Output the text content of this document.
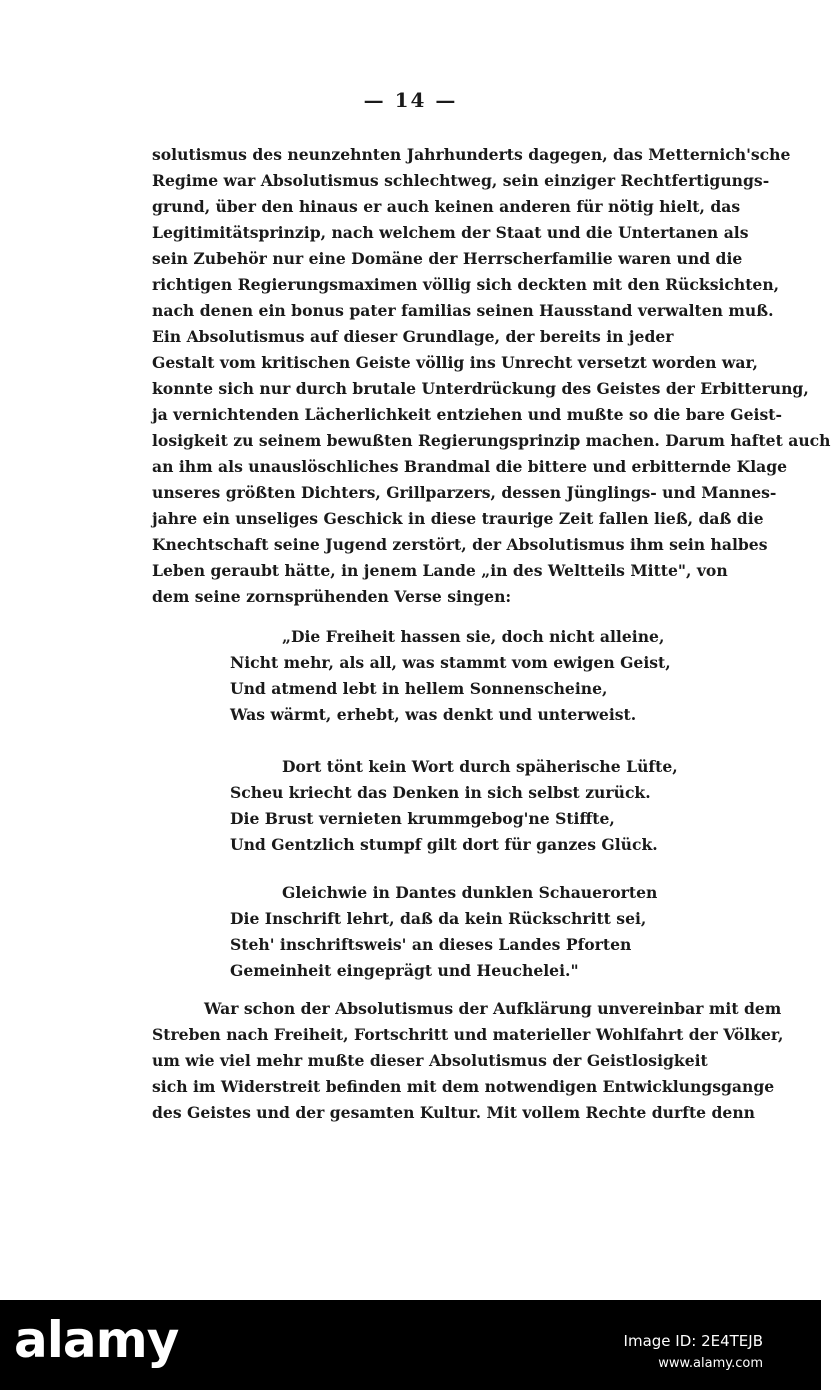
— 14 —
solutismus des neunzehnten Jahrhunderts dagegen, das Metternich'sche
Regime war Absolutismus schlechtweg, sein einziger Rechtfertigungs-
grund, über den hinaus er auch keinen anderen für nötig hielt, das
Legitimitätsprinzip, nach welchem der Staat und die Untertanen als
sein Zubehör nur eine Domäne der Herrscherfamilie waren und die
richtigen Regierungsmaximen völlig sich deckten mit den Rücksichten,
nach denen ein bonus pater familias seinen Hausstand verwalten muß.
Ein Absolutismus auf dieser Grundlage, der bereits in jeder
Gestalt vom kritischen Geiste völlig ins Unrecht versetzt worden war,
konnte sich nur durch brutale Unterdrückung des Geistes der Erbitterung,
ja vernichtenden Lächerlichkeit entziehen und mußte so die bare Geist-
losigkeit zu seinem bewußten Regierungsprinzip machen. Darum haftet auch
an ihm als unauslöschliches Brandmal die bittere und erbitternde Klage
unseres größten Dichters, Grillparzers, dessen Jünglings- und Mannes-
jahre ein unseliges Geschick in diese traurige Zeit fallen ließ, daß die
Knechtschaft seine Jugend zerstört, der Absolutismus ihm sein halbes
Leben geraubt hätte, in jenem Lande „in des Weltteils Mitte", von
dem seine zornsprühenden Verse singen:
„Die Freiheit hassen sie, doch nicht alleine,
Nicht mehr, als all, was stammt vom ewigen Geist,
Und atmend lebt in hellem Sonnenscheine,
Was wärmt, erhebt, was denkt und unterweist.
Dort tönt kein Wort durch späherische Lüfte,
Scheu kriecht das Denken in sich selbst zurück.
Die Brust vernieten krummgebog'ne Stiffte,
Und Gentzlich stumpf gilt dort für ganzes Glück.
Gleichwie in Dantes dunklen Schauerorten
Die Inschrift lehrt, daß da kein Rückschritt sei,
Steh' inschriftsweis' an dieses Landes Pforten
Gemeinheit eingeprägt und Heuchelei."
War schon der Absolutismus der Aufklärung unvereinbar mit dem
Streben nach Freiheit, Fortschritt und materieller Wohlfahrt der Völker,
um wie viel mehr mußte dieser Absolutismus der Geistlosigkeit
sich im Widerstreit befinden mit dem notwendigen Entwicklungsgange
des Geistes und der gesamten Kultur. Mit vollem Rechte durfte denn
alamy	Image ID: 2E4TEJB
www.alamy.com
